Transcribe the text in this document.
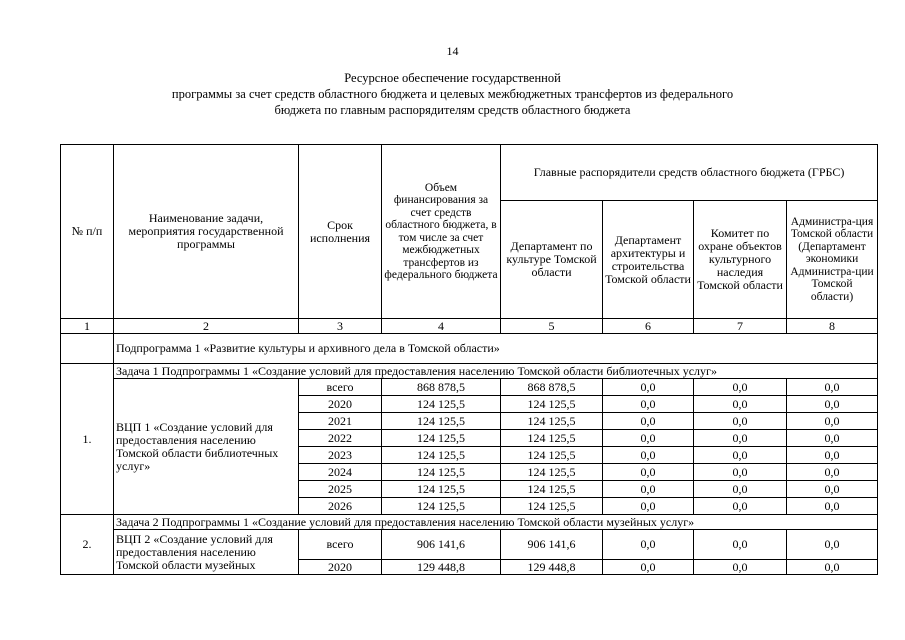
14
Ресурсное обеспечение государственной
программы за счет средств областного бюджета и целевых межбюджетных трансфертов из федерального
бюджета по главным распорядителям средств областного бюджета
№ п/п	Наименование задачи, мероприятия государственной программы	Срок исполнения	Объем финансирования за счет средств областного бюджета, в том числе за счет межбюджетных трансфертов из федерального бюджета	Главные распорядители средств областного бюджета (ГРБС)			
				Департамент по культуре Томской области	Департамент архитектуры и строительства Томской области	Комитет по охране объектов культурного наследия Томской области	Администра-ция Томской области (Департамент экономики Администра-ции Томской области)
1	2	3	4	5	6	7	8
	Подпрограмма 1 «Развитие культуры и архивного дела в Томской области»						
1.	Задача 1 Подпрограммы 1 «Создание условий для предоставления населению Томской области библиотечных услуг»						
	ВЦП 1 «Создание условий для предоставления населению Томской области библиотечных услуг»	всего	868 878,5	868 878,5	0,0	0,0	0,0
		2020	124 125,5	124 125,5	0,0	0,0	0,0
		2021	124 125,5	124 125,5	0,0	0,0	0,0
		2022	124 125,5	124 125,5	0,0	0,0	0,0
		2023	124 125,5	124 125,5	0,0	0,0	0,0
		2024	124 125,5	124 125,5	0,0	0,0	0,0
		2025	124 125,5	124 125,5	0,0	0,0	0,0
		2026	124 125,5	124 125,5	0,0	0,0	0,0
2.	Задача 2 Подпрограммы 1 «Создание условий для предоставления населению Томской области музейных услуг»						
	ВЦП 2 «Создание условий для предоставления населению Томской области музейных	всего	906 141,6	906 141,6	0,0	0,0	0,0
		2020	129 448,8	129 448,8	0,0	0,0	0,0
